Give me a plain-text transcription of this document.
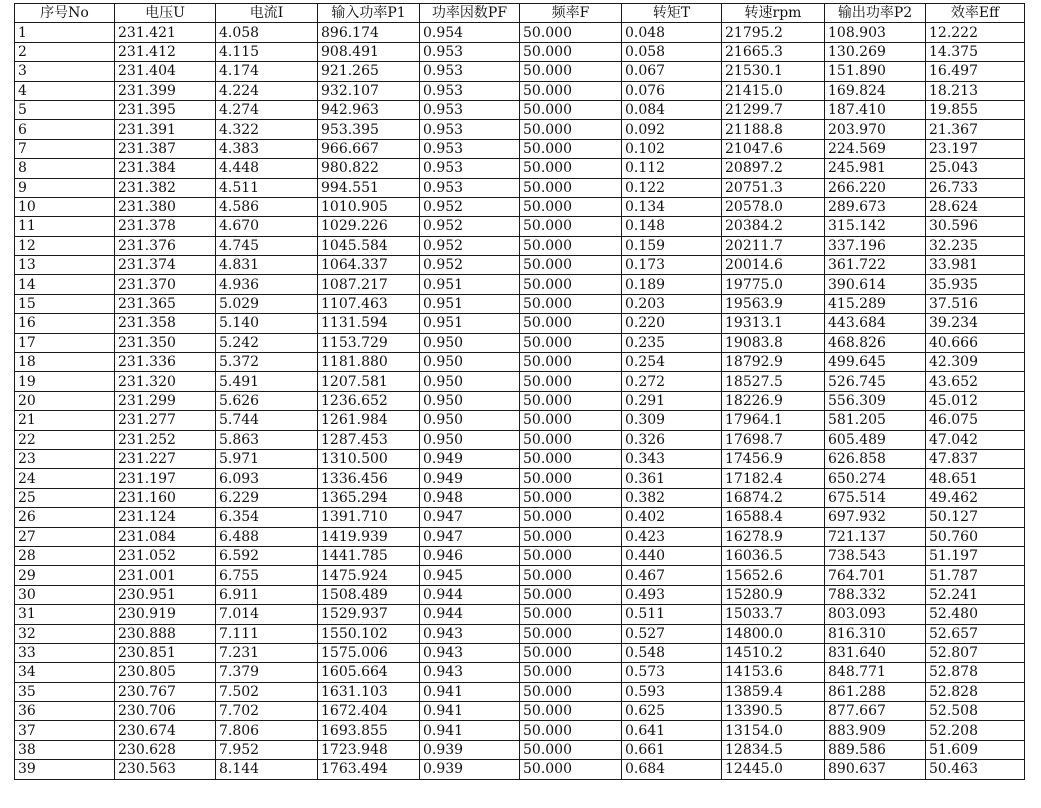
序号No	电压U	电流I	输入功率P1	功率因数PF	频率F	转矩T	转速rpm	输出功率P2	效率Eff
1	231.421	4.058	896.174	0.954	50.000	0.048	21795.2	108.903	12.222
2	231.412	4.115	908.491	0.953	50.000	0.058	21665.3	130.269	14.375
3	231.404	4.174	921.265	0.953	50.000	0.067	21530.1	151.890	16.497
4	231.399	4.224	932.107	0.953	50.000	0.076	21415.0	169.824	18.213
5	231.395	4.274	942.963	0.953	50.000	0.084	21299.7	187.410	19.855
6	231.391	4.322	953.395	0.953	50.000	0.092	21188.8	203.970	21.367
7	231.387	4.383	966.667	0.953	50.000	0.102	21047.6	224.569	23.197
8	231.384	4.448	980.822	0.953	50.000	0.112	20897.2	245.981	25.043
9	231.382	4.511	994.551	0.953	50.000	0.122	20751.3	266.220	26.733
10	231.380	4.586	1010.905	0.952	50.000	0.134	20578.0	289.673	28.624
11	231.378	4.670	1029.226	0.952	50.000	0.148	20384.2	315.142	30.596
12	231.376	4.745	1045.584	0.952	50.000	0.159	20211.7	337.196	32.235
13	231.374	4.831	1064.337	0.952	50.000	0.173	20014.6	361.722	33.981
14	231.370	4.936	1087.217	0.951	50.000	0.189	19775.0	390.614	35.935
15	231.365	5.029	1107.463	0.951	50.000	0.203	19563.9	415.289	37.516
16	231.358	5.140	1131.594	0.951	50.000	0.220	19313.1	443.684	39.234
17	231.350	5.242	1153.729	0.950	50.000	0.235	19083.8	468.826	40.666
18	231.336	5.372	1181.880	0.950	50.000	0.254	18792.9	499.645	42.309
19	231.320	5.491	1207.581	0.950	50.000	0.272	18527.5	526.745	43.652
20	231.299	5.626	1236.652	0.950	50.000	0.291	18226.9	556.309	45.012
21	231.277	5.744	1261.984	0.950	50.000	0.309	17964.1	581.205	46.075
22	231.252	5.863	1287.453	0.950	50.000	0.326	17698.7	605.489	47.042
23	231.227	5.971	1310.500	0.949	50.000	0.343	17456.9	626.858	47.837
24	231.197	6.093	1336.456	0.949	50.000	0.361	17182.4	650.274	48.651
25	231.160	6.229	1365.294	0.948	50.000	0.382	16874.2	675.514	49.462
26	231.124	6.354	1391.710	0.947	50.000	0.402	16588.4	697.932	50.127
27	231.084	6.488	1419.939	0.947	50.000	0.423	16278.9	721.137	50.760
28	231.052	6.592	1441.785	0.946	50.000	0.440	16036.5	738.543	51.197
29	231.001	6.755	1475.924	0.945	50.000	0.467	15652.6	764.701	51.787
30	230.951	6.911	1508.489	0.944	50.000	0.493	15280.9	788.332	52.241
31	230.919	7.014	1529.937	0.944	50.000	0.511	15033.7	803.093	52.480
32	230.888	7.111	1550.102	0.943	50.000	0.527	14800.0	816.310	52.657
33	230.851	7.231	1575.006	0.943	50.000	0.548	14510.2	831.640	52.807
34	230.805	7.379	1605.664	0.943	50.000	0.573	14153.6	848.771	52.878
35	230.767	7.502	1631.103	0.941	50.000	0.593	13859.4	861.288	52.828
36	230.706	7.702	1672.404	0.941	50.000	0.625	13390.5	877.667	52.508
37	230.674	7.806	1693.855	0.941	50.000	0.641	13154.0	883.909	52.208
38	230.628	7.952	1723.948	0.939	50.000	0.661	12834.5	889.586	51.609
39	230.563	8.144	1763.494	0.939	50.000	0.684	12445.0	890.637	50.463
